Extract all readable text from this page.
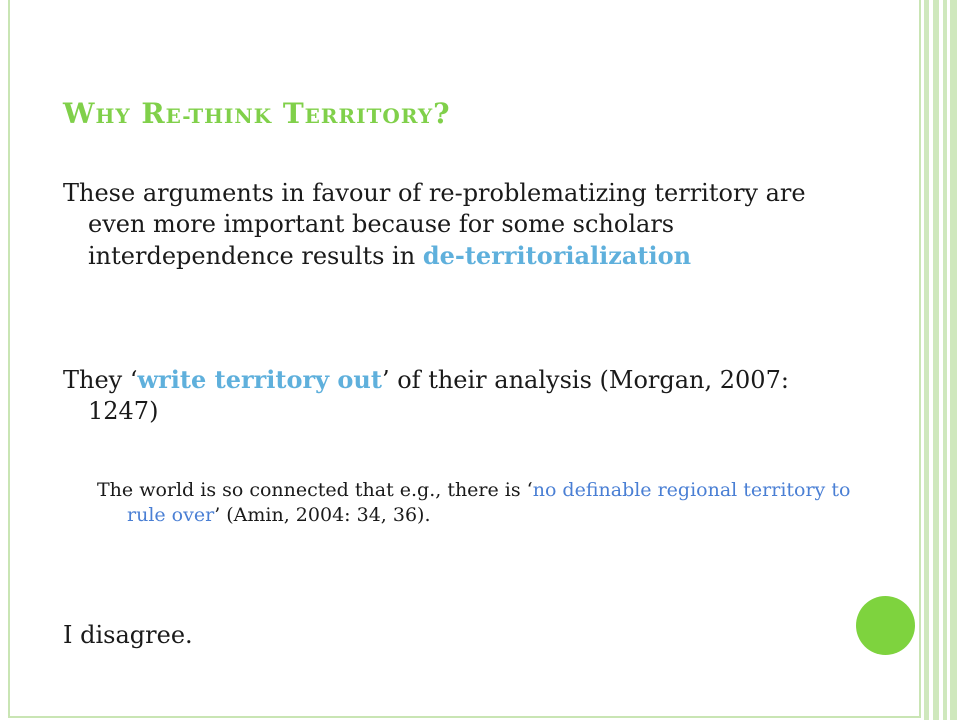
WHY RE-THINK TERRITORY?

These arguments in favour of re-problematizing territory are even more important because for some scholars interdependence results in de-territorialization

They ‘write territory out’ of their analysis (Morgan, 2007: 1247)

The world is so connected that e.g., there is ‘no definable regional territory to rule over’ (Amin, 2004: 34, 36).

I disagree.
